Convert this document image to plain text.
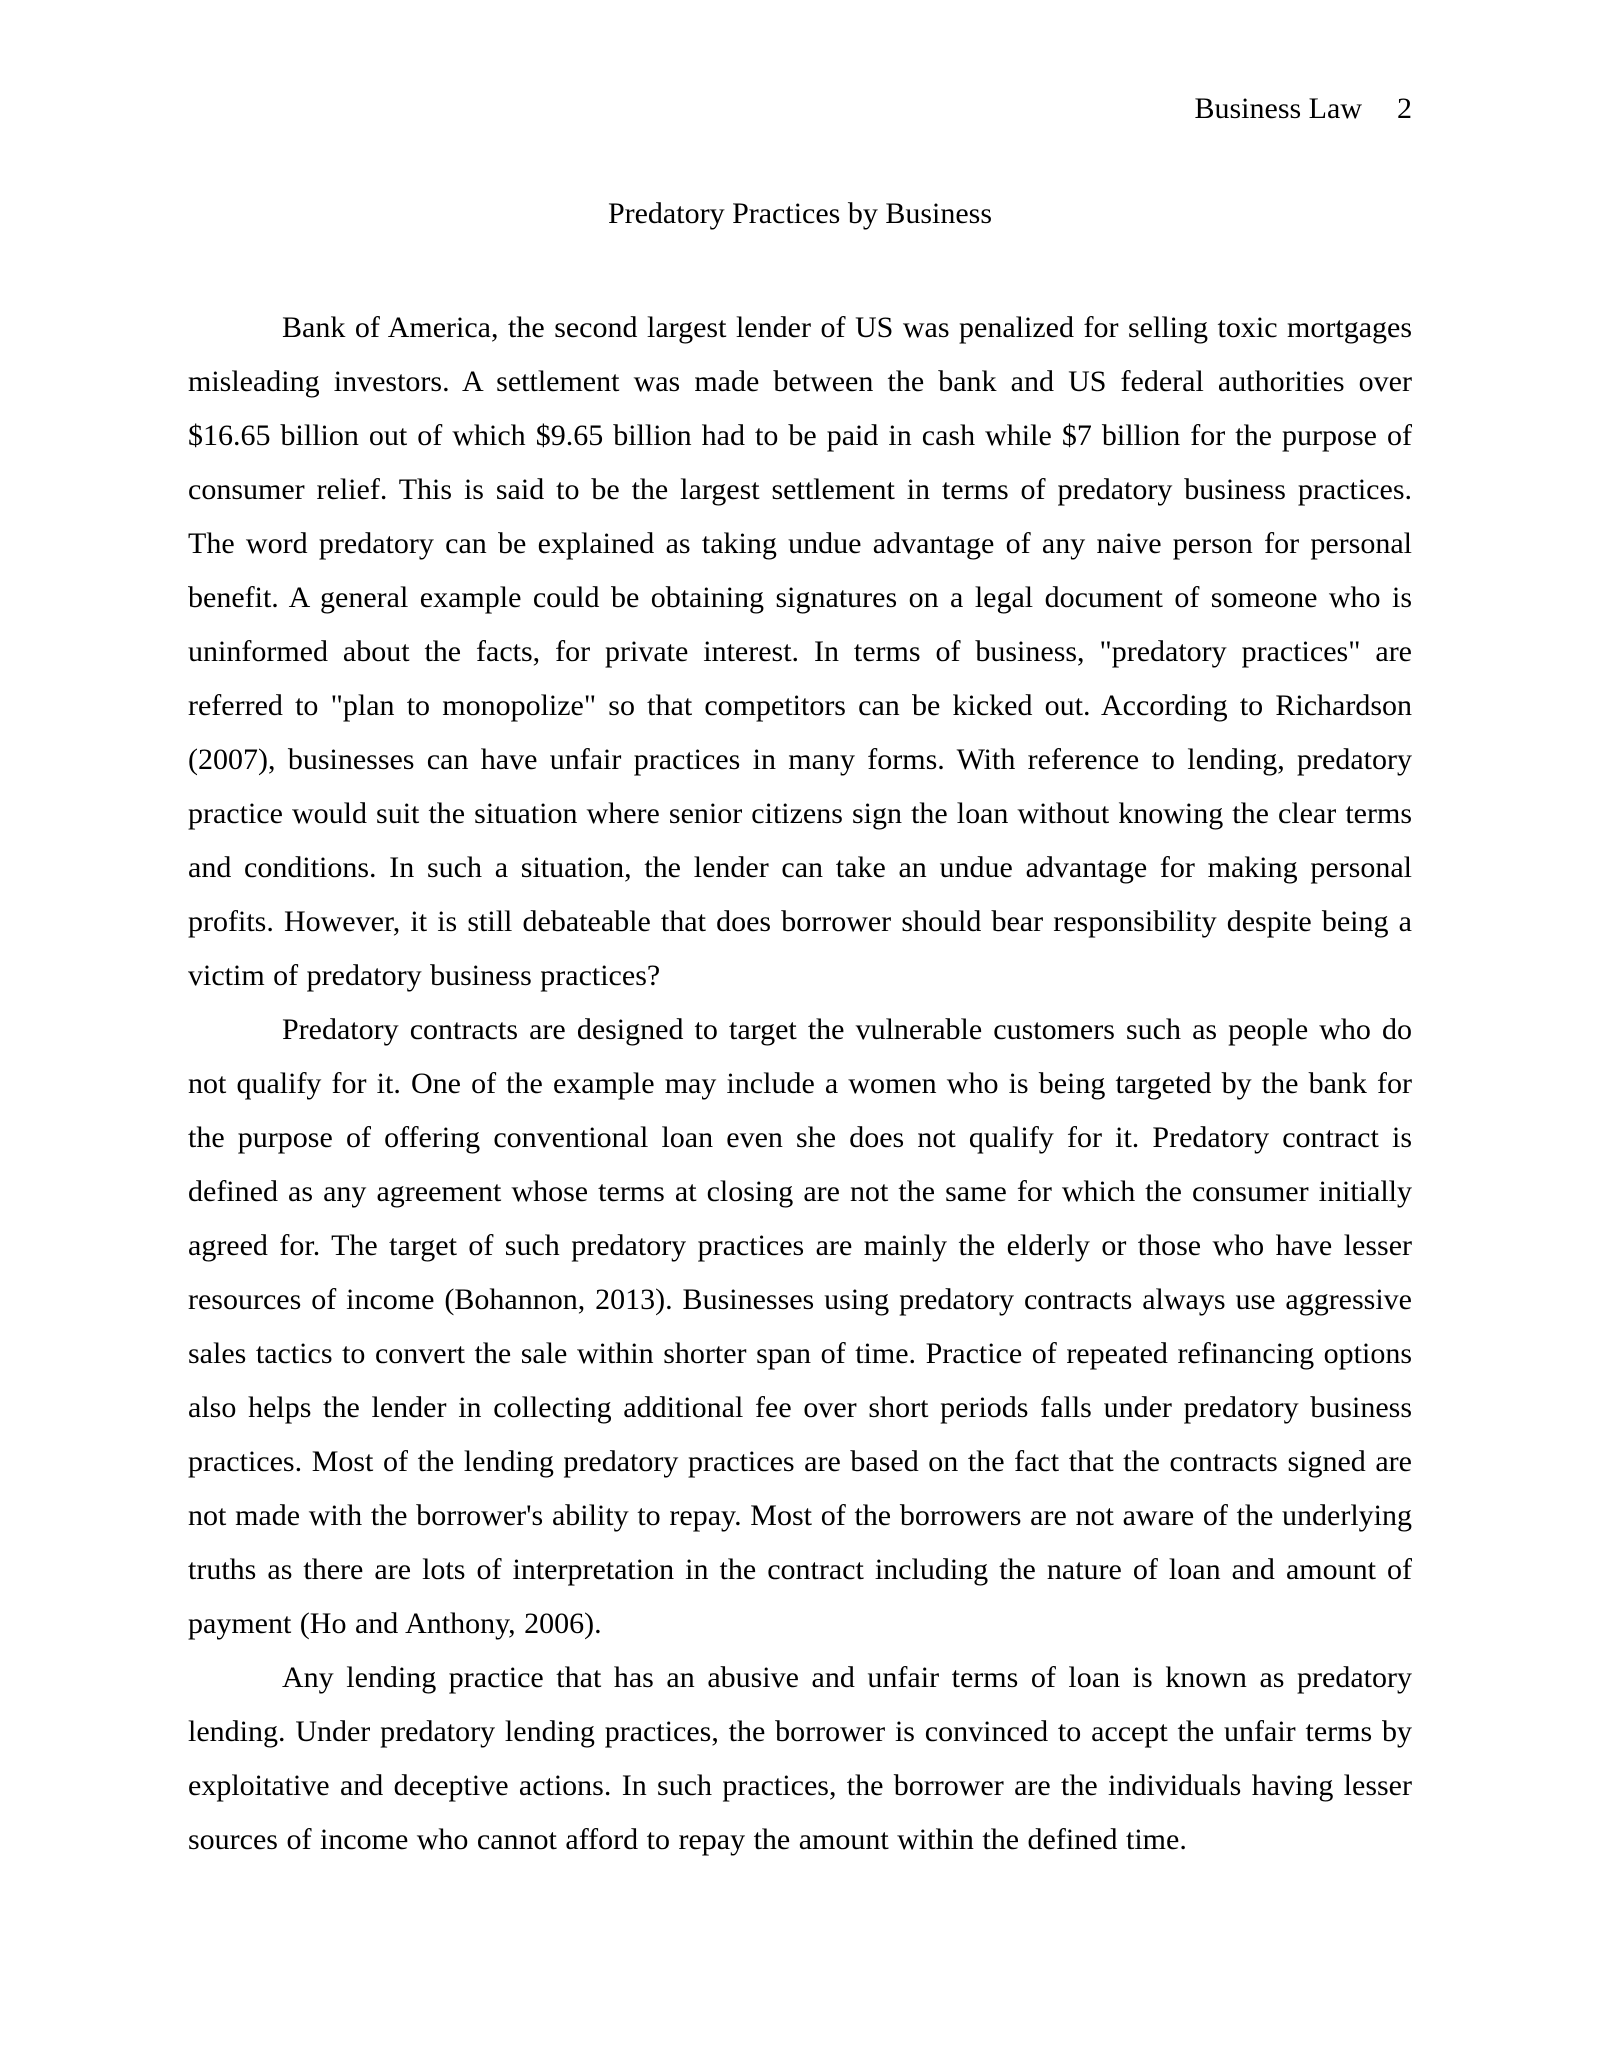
Business Law 2
Predatory Practices by Business

Bank of America, the second largest lender of US was penalized for selling toxic mortgages misleading investors. A settlement was made between the bank and US federal authorities over $16.65 billion out of which $9.65 billion had to be paid in cash while $7 billion for the purpose of consumer relief. This is said to be the largest settlement in terms of predatory business practices. The word predatory can be explained as taking undue advantage of any naive person for personal benefit. A general example could be obtaining signatures on a legal document of someone who is uninformed about the facts, for private interest. In terms of business, "predatory practices" are referred to "plan to monopolize" so that competitors can be kicked out. According to Richardson (2007), businesses can have unfair practices in many forms. With reference to lending, predatory practice would suit the situation where senior citizens sign the loan without knowing the clear terms and conditions. In such a situation, the lender can take an undue advantage for making personal profits. However, it is still debateable that does borrower should bear responsibility despite being a victim of predatory business practices?

Predatory contracts are designed to target the vulnerable customers such as people who do not qualify for it. One of the example may include a women who is being targeted by the bank for the purpose of offering conventional loan even she does not qualify for it. Predatory contract is defined as any agreement whose terms at closing are not the same for which the consumer initially agreed for. The target of such predatory practices are mainly the elderly or those who have lesser resources of income (Bohannon, 2013). Businesses using predatory contracts always use aggressive sales tactics to convert the sale within shorter span of time. Practice of repeated refinancing options also helps the lender in collecting additional fee over short periods falls under predatory business practices. Most of the lending predatory practices are based on the fact that the contracts signed are not made with the borrower's ability to repay. Most of the borrowers are not aware of the underlying truths as there are lots of interpretation in the contract including the nature of loan and amount of payment (Ho and Anthony, 2006).

Any lending practice that has an abusive and unfair terms of loan is known as predatory lending. Under predatory lending practices, the borrower is convinced to accept the unfair terms by exploitative and deceptive actions. In such practices, the borrower are the individuals having lesser sources of income who cannot afford to repay the amount within the defined time.
